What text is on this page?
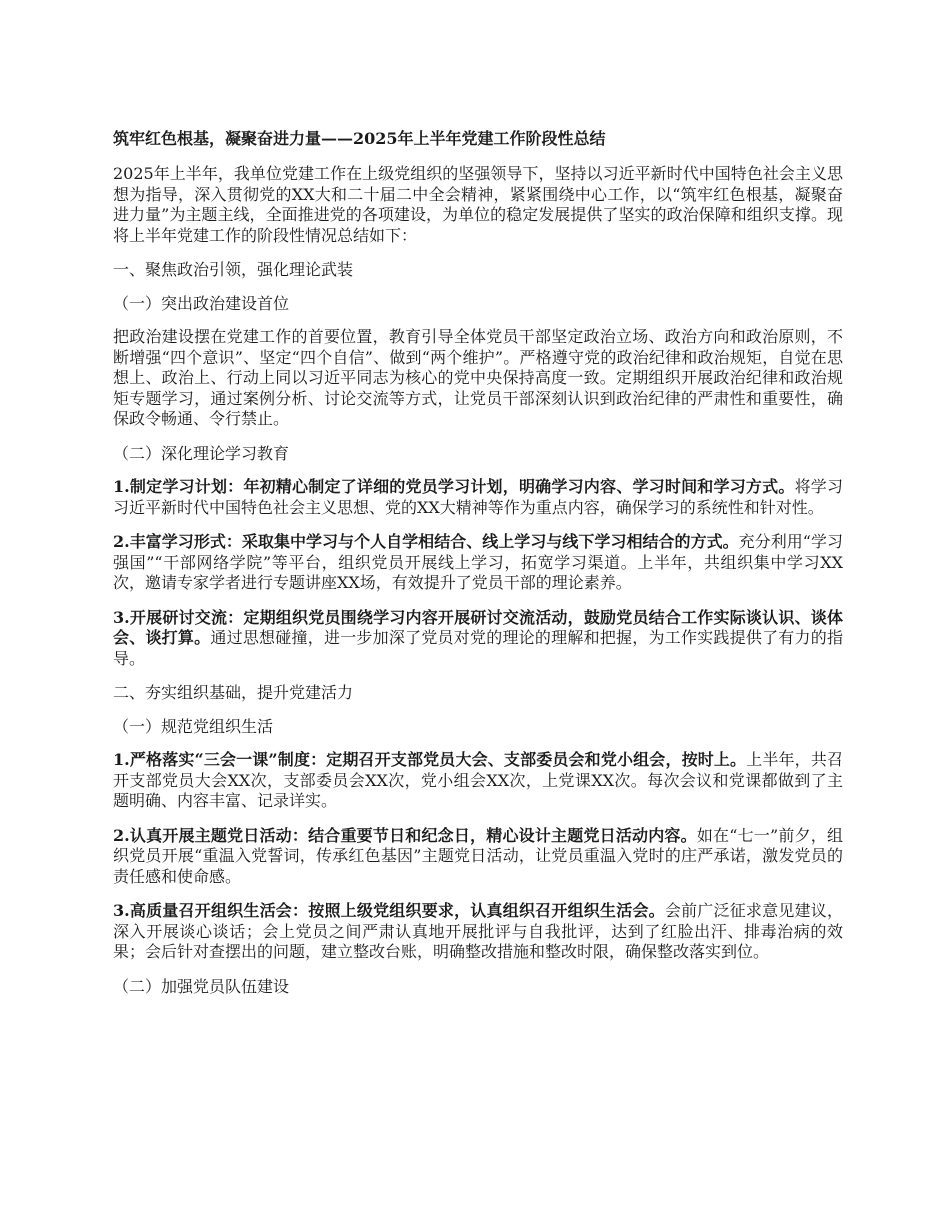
筑牢红色根基，凝聚奋进力量——2025年上半年党建工作阶段性总结

2025年上半年，我单位党建工作在上级党组织的坚强领导下，坚持以习近平新时代中国特色社会主义思想为指导，深入贯彻党的XX大和二十届二中全会精神，紧紧围绕中心工作，以“筑牢红色根基，凝聚奋进力量”为主题主线，全面推进党的各项建设，为单位的稳定发展提供了坚实的政治保障和组织支撑。现将上半年党建工作的阶段性情况总结如下：

一、聚焦政治引领，强化理论武装

（一）突出政治建设首位

把政治建设摆在党建工作的首要位置，教育引导全体党员干部坚定政治立场、政治方向和政治原则，不断增强“四个意识”、坚定“四个自信”、做到“两个维护”。严格遵守党的政治纪律和政治规矩，自觉在思想上、政治上、行动上同以习近平同志为核心的党中央保持高度一致。定期组织开展政治纪律和政治规矩专题学习，通过案例分析、讨论交流等方式，让党员干部深刻认识到政治纪律的严肃性和重要性，确保政令畅通、令行禁止。

（二）深化理论学习教育

1.制定学习计划：年初精心制定了详细的党员学习计划，明确学习内容、学习时间和学习方式。将学习习近平新时代中国特色社会主义思想、党的XX大精神等作为重点内容，确保学习的系统性和针对性。

2.丰富学习形式：采取集中学习与个人自学相结合、线上学习与线下学习相结合的方式。充分利用“学习强国”“干部网络学院”等平台，组织党员开展线上学习，拓宽学习渠道。上半年，共组织集中学习XX次，邀请专家学者进行专题讲座XX场，有效提升了党员干部的理论素养。

3.开展研讨交流：定期组织党员围绕学习内容开展研讨交流活动，鼓励党员结合工作实际谈认识、谈体会、谈打算。通过思想碰撞，进一步加深了党员对党的理论的理解和把握，为工作实践提供了有力的指导。

二、夯实组织基础，提升党建活力

（一）规范党组织生活

1.严格落实“三会一课”制度：定期召开支部党员大会、支部委员会和党小组会，按时上。上半年，共召开支部党员大会XX次，支部委员会XX次，党小组会XX次，上党课XX次。每次会议和党课都做到了主题明确、内容丰富、记录详实。

2.认真开展主题党日活动：结合重要节日和纪念日，精心设计主题党日活动内容。如在“七一”前夕，组织党员开展“重温入党誓词，传承红色基因”主题党日活动，让党员重温入党时的庄严承诺，激发党员的责任感和使命感。

3.高质量召开组织生活会：按照上级党组织要求，认真组织召开组织生活会。会前广泛征求意见建议，深入开展谈心谈话；会上党员之间严肃认真地开展批评与自我批评，达到了红脸出汗、排毒治病的效果；会后针对查摆出的问题，建立整改台账，明确整改措施和整改时限，确保整改落实到位。

（二）加强党员队伍建设
